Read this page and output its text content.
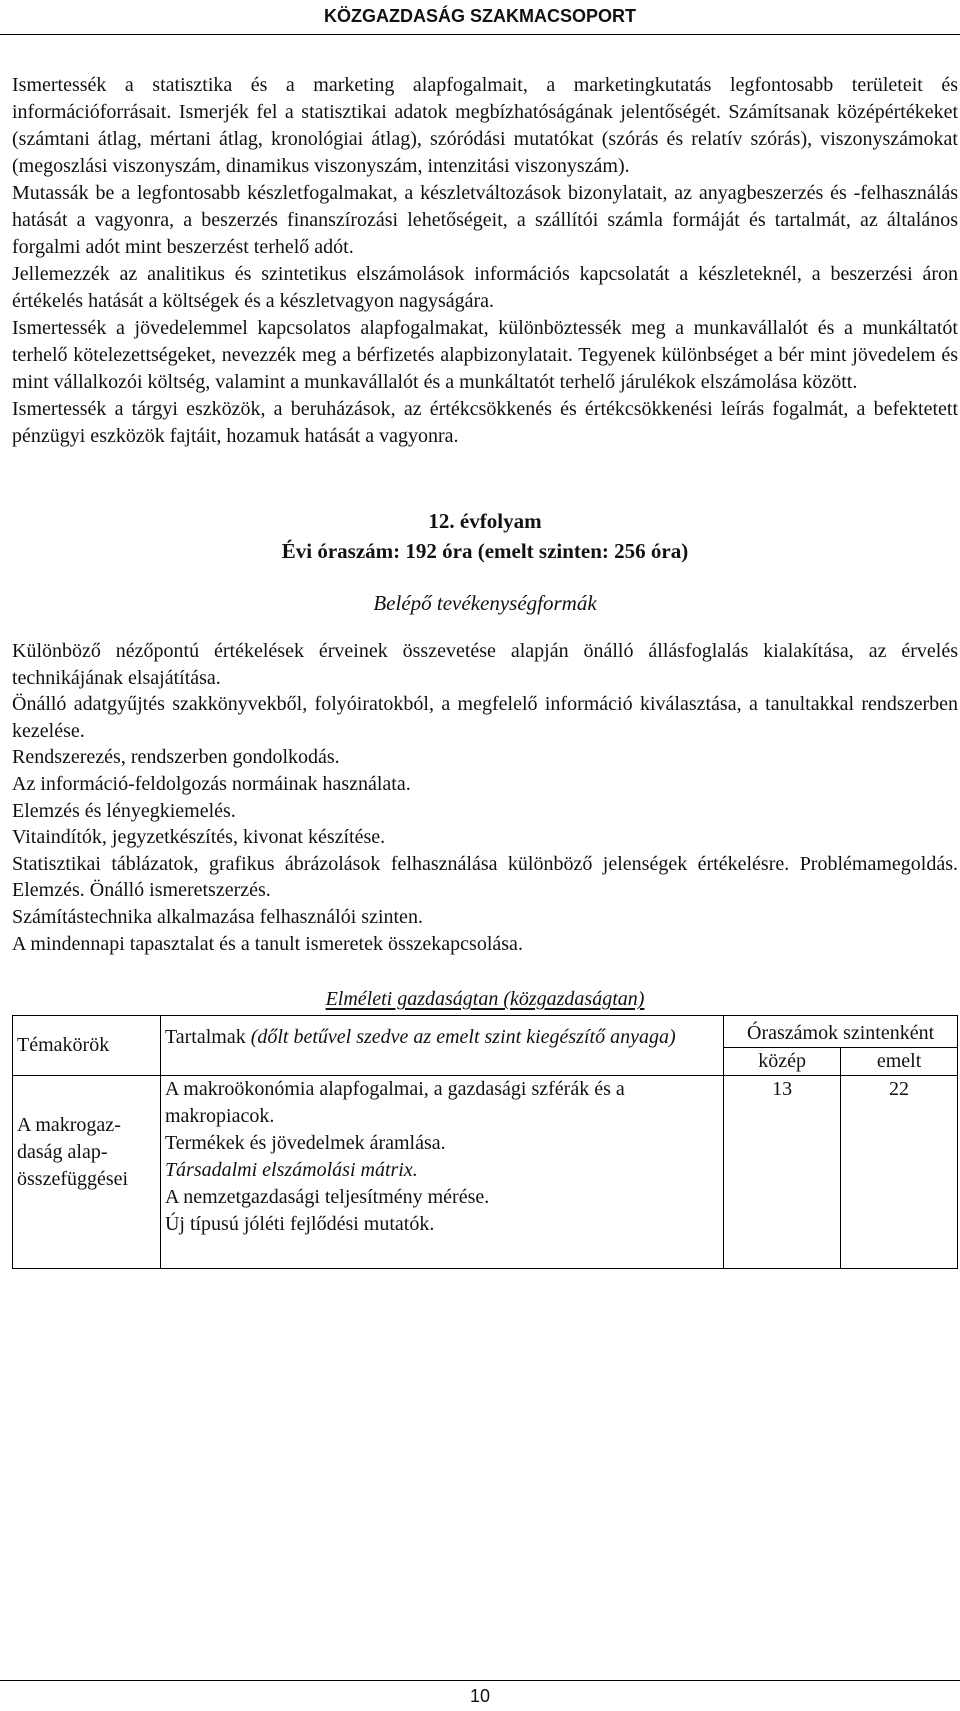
KÖZGAZDASÁG SZAKMACSOPORT

Ismertessék a statisztika és a marketing alapfogalmait, a marketingkutatás legfontosabb területeit és információforrásait. Ismerjék fel a statisztikai adatok megbízhatóságának jelentőségét. Számítsanak középértékeket (számtani átlag, mértani átlag, kronológiai átlag), szóródási mutatókat (szórás és relatív szórás), viszonyszámokat (megoszlási viszonyszám, dinamikus viszonyszám, intenzitási viszonyszám).

Mutassák be a legfontosabb készletfogalmakat, a készletváltozások bizonylatait, az anyagbeszerzés és -felhasználás hatását a vagyonra, a beszerzés finanszírozási lehetőségeit, a szállítói számla formáját és tartalmát, az általános forgalmi adót mint beszerzést terhelő adót.

Jellemezzék az analitikus és szintetikus elszámolások információs kapcsolatát a készleteknél, a beszerzési áron értékelés hatását a költségek és a készletvagyon nagyságára.

Ismertessék a jövedelemmel kapcsolatos alapfogalmakat, különböztessék meg a munkavállalót és a munkáltatót terhelő kötelezettségeket, nevezzék meg a bérfizetés alapbizonylatait. Tegyenek különbséget a bér mint jövedelem és mint vállalkozói költség, valamint a munkavállalót és a munkáltatót terhelő járulékok elszámolása között.

Ismertessék a tárgyi eszközök, a beruházások, az értékcsökkenés és értékcsökkenési leírás fogalmát, a befektetett pénzügyi eszközök fajtáit, hozamuk hatását a vagyonra.

12. évfolyam

Évi óraszám: 192 óra (emelt szinten: 256 óra)

Belépő tevékenységformák

Különböző nézőpontú értékelések érveinek összevetése alapján önálló állásfoglalás kialakítása, az érvelés technikájának elsajátítása.

Önálló adatgyűjtés szakkönyvekből, folyóiratokból, a megfelelő információ kiválasztása, a tanultakkal rendszerben kezelése.

Rendszerezés, rendszerben gondolkodás.

Az információ-feldolgozás normáinak használata.

Elemzés és lényegkiemelés.

Vitaindítók, jegyzetkészítés, kivonat készítése.

Statisztikai táblázatok, grafikus ábrázolások felhasználása különböző jelenségek értékelésre. Problémamegoldás. Elemzés. Önálló ismeretszerzés.

Számítástechnika alkalmazása felhasználói szinten.

A mindennapi tapasztalat és a tanult ismeretek összekapcsolása.

Elméleti gazdaságtan (közgazdaságtan)

Témakörök	Tartalmak (dőlt betűvel szedve az emelt szint kiegészítő anyaga)	Óraszámok szintenként	
		közép	emelt
A makrogaz-daság alap-összefüggései	A makroökonómia alapfogalmai, a gazdasági szférák és a makropiacok.
Termékek és jövedelmek áramlása.
Társadalmi elszámolási mátrix.
A nemzetgazdasági teljesítmény mérése.
Új típusú jóléti fejlődési mutatók.	13	22
10
